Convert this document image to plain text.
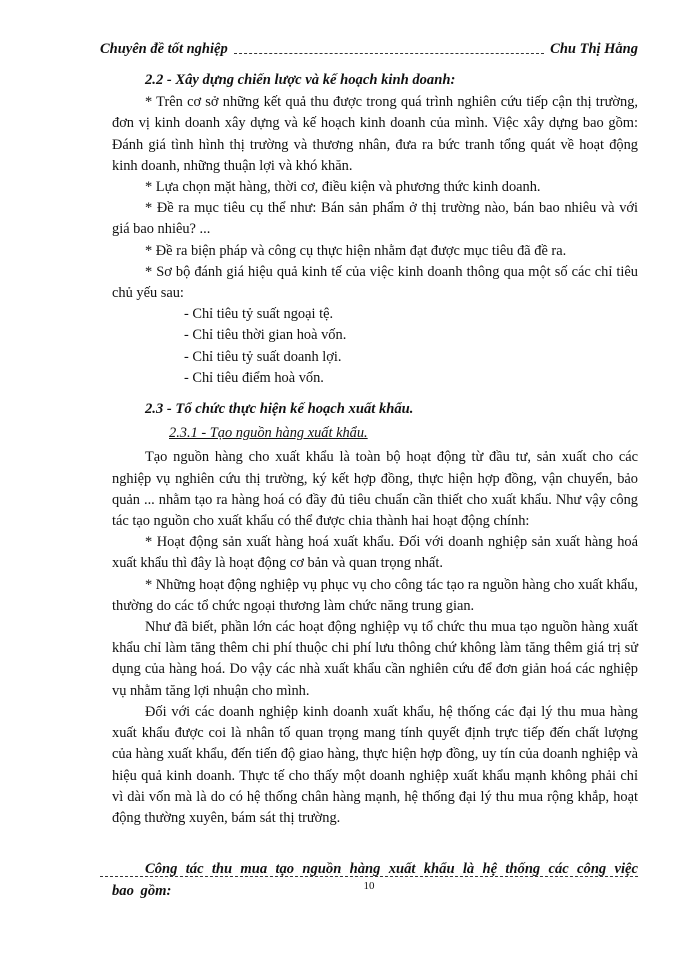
Chuyên đề tốt nghiệp	Chu Thị Hằng

2.2 - Xây dựng chiến lược và kế hoạch kinh doanh:

* Trên cơ sở những kết quả thu được trong quá trình nghiên cứu tiếp cận thị trường, đơn vị kinh doanh xây dựng và kế hoạch kinh doanh của mình. Việc xây dựng bao gồm: Đánh giá tình hình thị trường và thương nhân, đưa ra bức tranh tổng quát về hoạt động kinh doanh, những thuận lợi và khó khăn.

* Lựa chọn mặt hàng, thời cơ, điều kiện và phương thức kinh doanh.

* Đề ra mục tiêu cụ thể như: Bán sản phẩm ở thị trường nào, bán bao nhiêu và với giá bao nhiêu? ...

* Đề ra biện pháp và công cụ thực hiện nhằm đạt được mục tiêu đã đề ra.

* Sơ bộ đánh giá hiệu quả kinh tế của việc kinh doanh thông qua một số các chỉ tiêu chủ yếu sau:

- Chỉ tiêu tỷ suất ngoại tệ.

- Chỉ tiêu thời gian hoà vốn.

- Chỉ tiêu tỷ suất doanh lợi.

- Chỉ tiêu điểm hoà vốn.

2.3 - Tổ chức thực hiện kế hoạch xuất khẩu.

2.3.1 - Tạo nguồn hàng xuất khẩu.

Tạo nguồn hàng cho xuất khẩu là toàn bộ hoạt động từ đầu tư, sản xuất cho các nghiệp vụ nghiên cứu thị trường, ký kết hợp đồng, thực hiện hợp đồng, vận chuyển, bảo quản ... nhằm tạo ra hàng hoá có đầy đủ tiêu chuẩn cần thiết cho xuất khẩu. Như vậy công tác tạo nguồn cho xuất khẩu có thể được chia thành hai hoạt động chính:

* Hoạt động sản xuất hàng hoá xuất khẩu. Đối với doanh nghiệp sản xuất hàng hoá xuất khẩu thì đây là hoạt động cơ bản và quan trọng nhất.

* Những hoạt động nghiệp vụ phục vụ cho công tác tạo ra nguồn hàng cho xuất khẩu, thường do các tổ chức ngoại thương làm chức năng trung gian.

Như đã biết, phần lớn các hoạt động nghiệp vụ tổ chức thu mua tạo nguồn hàng xuất khẩu chỉ làm tăng thêm chi phí thuộc chi phí lưu thông chứ không làm tăng thêm giá trị sử dụng của hàng hoá. Do vậy các nhà xuất khẩu cần nghiên cứu để đơn giản hoá các nghiệp vụ nhằm tăng lợi nhuận cho mình.

Đối với các doanh nghiệp kinh doanh xuất khẩu, hệ thống các đại lý thu mua hàng xuất khẩu được coi là nhân tố quan trọng mang tính quyết định trực tiếp đến chất lượng của hàng xuất khẩu, đến tiến độ giao hàng, thực hiện hợp đồng, uy tín của doanh nghiệp và hiệu quả kinh doanh. Thực tế cho thấy một doanh nghiệp xuất khẩu mạnh không phải chỉ vì dài vốn mà là do có hệ thống chân hàng mạnh, hệ thống đại lý thu mua rộng khắp, hoạt động thường xuyên, bám sát thị trường.

Công tác thu mua tạo nguồn hàng xuất khẩu là hệ thống các công việc bao gồm:	10
